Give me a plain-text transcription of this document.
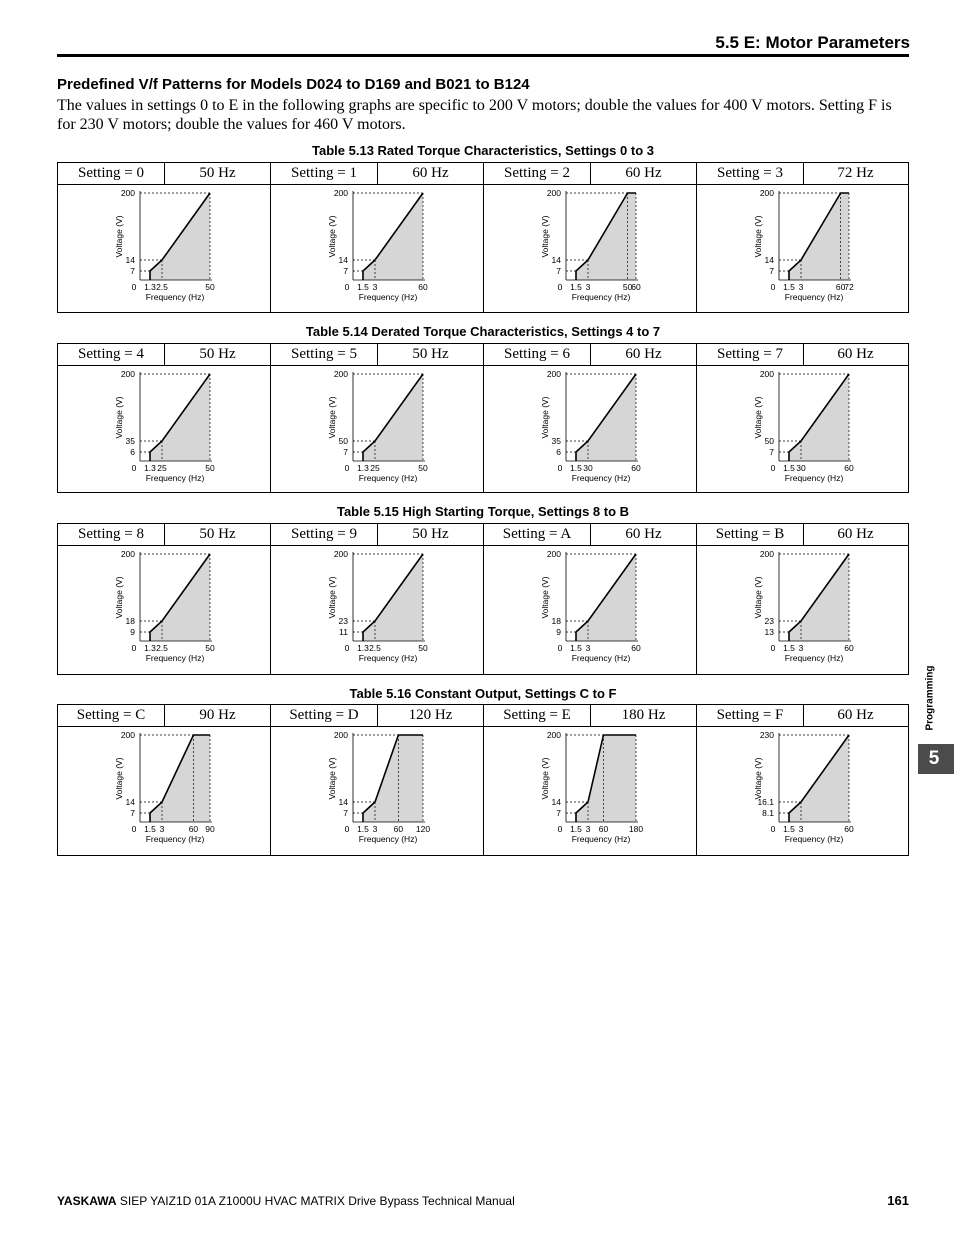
5.5 E: Motor Parameters
Predefined V/f Patterns for Models D024 to D169 and B021 to B124
The values in settings 0 to E in the following graphs are specific to 200 V motors; double the values for 400 V motors. Setting F is for 230 V motors; double the values for 460 V motors.
Table 5.13 Rated Torque Characteristics, Settings 0 to 3
Setting = 0	50 Hz	Setting = 1	60 Hz	Setting = 2	60 Hz	Setting = 3	72 Hz
200
14
7
0 1.3 2.5	50
Frequency (Hz)
Voltage (V)
200
14
7
0 1.5 3	60
Frequency (Hz)
Voltage (V)
200
14
7
0 1.5 3	50
60
Frequency (Hz)
Voltage (V)
200
14
7
0 1.5 3	60
72
Frequency (Hz)
Voltage (V)
Table 5.14 Derated Torque Characteristics, Settings 4 to 7
Setting = 4	50 Hz	Setting = 5	50 Hz	Setting = 6	60 Hz	Setting = 7	60 Hz
200
35
6
0 1.3 25	50
Frequency (Hz)
Voltage (V)
200
50
7
0 1.3 25	50
Frequency (Hz)
Voltage (V)
200
35
6
0 1.5 30	60
Frequency (Hz)
Voltage (V)
200
50
7
0 1.5 30	60
Frequency (Hz)
Voltage (V)
Table 5.15 High Starting Torque, Settings 8 to B
Setting = 8	50 Hz	Setting = 9	50 Hz	Setting = A	60 Hz	Setting = B	60 Hz
200
18
9
0 1.3 2.5	50
Frequency (Hz)
Voltage (V)
200
23
11
0 1.3 2.5	50
Frequency (Hz)
Voltage (V)
200
18
9
0 1.5 3	60
Frequency (Hz)
Voltage (V)
200
23
13
0 1.5 3	60
Frequency (Hz)
Voltage (V)
Table 5.16 Constant Output, Settings C to F
Setting = C	90 Hz	Setting = D	120 Hz	Setting = E	180 Hz	Setting = F	60 Hz
200
14
7
0 1.5 3	60 90
Frequency (Hz)
Voltage (V)
200
14
7
0 1.5 3 60 120
Frequency (Hz)
Voltage (V)
200
14
7
0 1.5 3 60 180
Frequency (Hz)
Voltage (V)
230
16.1
8.1
0 1.5 3	60
Frequency (Hz)
Voltage (V)
Programming
5
YASKAWA SIEP YAIZ1D 01A Z1000U HVAC MATRIX Drive Bypass Technical Manual	161
